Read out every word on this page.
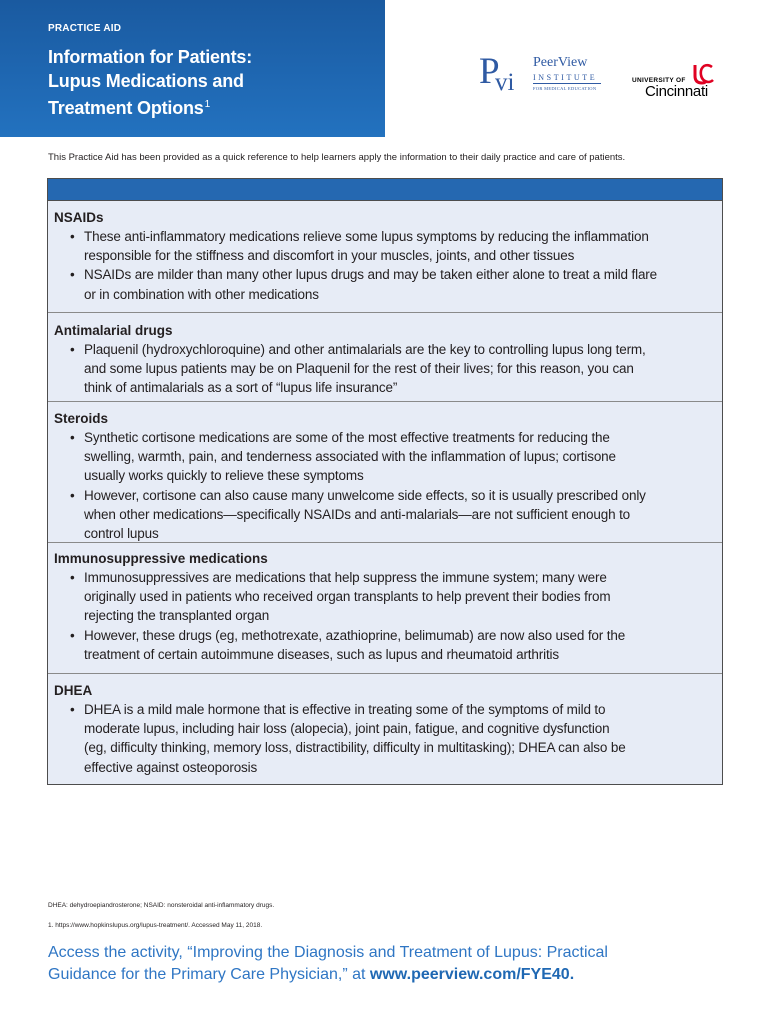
PRACTICE AID
Information for Patients:
Lupus Medications and
Treatment Options$^1$
P
vi
PeerView
INSTITUTE
FOR MEDICAL EDUCATION
UNIVERSITY OF
Cincinnati
This Practice Aid has been provided as a quick reference to help learners apply the information to their daily practice and care of patients.
NSAIDs
• These anti-inflammatory medications relieve some lupus symptoms by reducing the inflammation
responsible for the stiffness and discomfort in your muscles, joints, and other tissues
• NSAIDs are milder than many other lupus drugs and may be taken either alone to treat a mild flare
or in combination with other medications
Antimalarial drugs
• Plaquenil (hydroxychloroquine) and other antimalarials are the key to controlling lupus long term,
and some lupus patients may be on Plaquenil for the rest of their lives; for this reason, you can
think of antimalarials as a sort of “lupus life insurance”
Steroids
• Synthetic cortisone medications are some of the most effective treatments for reducing the
swelling, warmth, pain, and tenderness associated with the inflammation of lupus; cortisone
usually works quickly to relieve these symptoms
• However, cortisone can also cause many unwelcome side effects, so it is usually prescribed only
when other medications—specifically NSAIDs and anti-malarials—are not sufficient enough to
control lupus
Immunosuppressive medications
• Immunosuppressives are medications that help suppress the immune system; many were
originally used in patients who received organ transplants to help prevent their bodies from
rejecting the transplanted organ
• However, these drugs (eg, methotrexate, azathioprine, belimumab) are now also used for the
treatment of certain autoimmune diseases, such as lupus and rheumatoid arthritis
DHEA
• DHEA is a mild male hormone that is effective in treating some of the symptoms of mild to
moderate lupus, including hair loss (alopecia), joint pain, fatigue, and cognitive dysfunction
(eg, difficulty thinking, memory loss, distractibility, difficulty in multitasking); DHEA can also be
effective against osteoporosis
DHEA: dehydroepiandrosterone; NSAID: nonsteroidal anti-inflammatory drugs.
1. https://www.hopkinslupus.org/lupus-treatment/. Accessed May 11, 2018.
Access the activity, “Improving the Diagnosis and Treatment of Lupus: Practical
Guidance for the Primary Care Physician,” at www.peerview.com/FYE40.
